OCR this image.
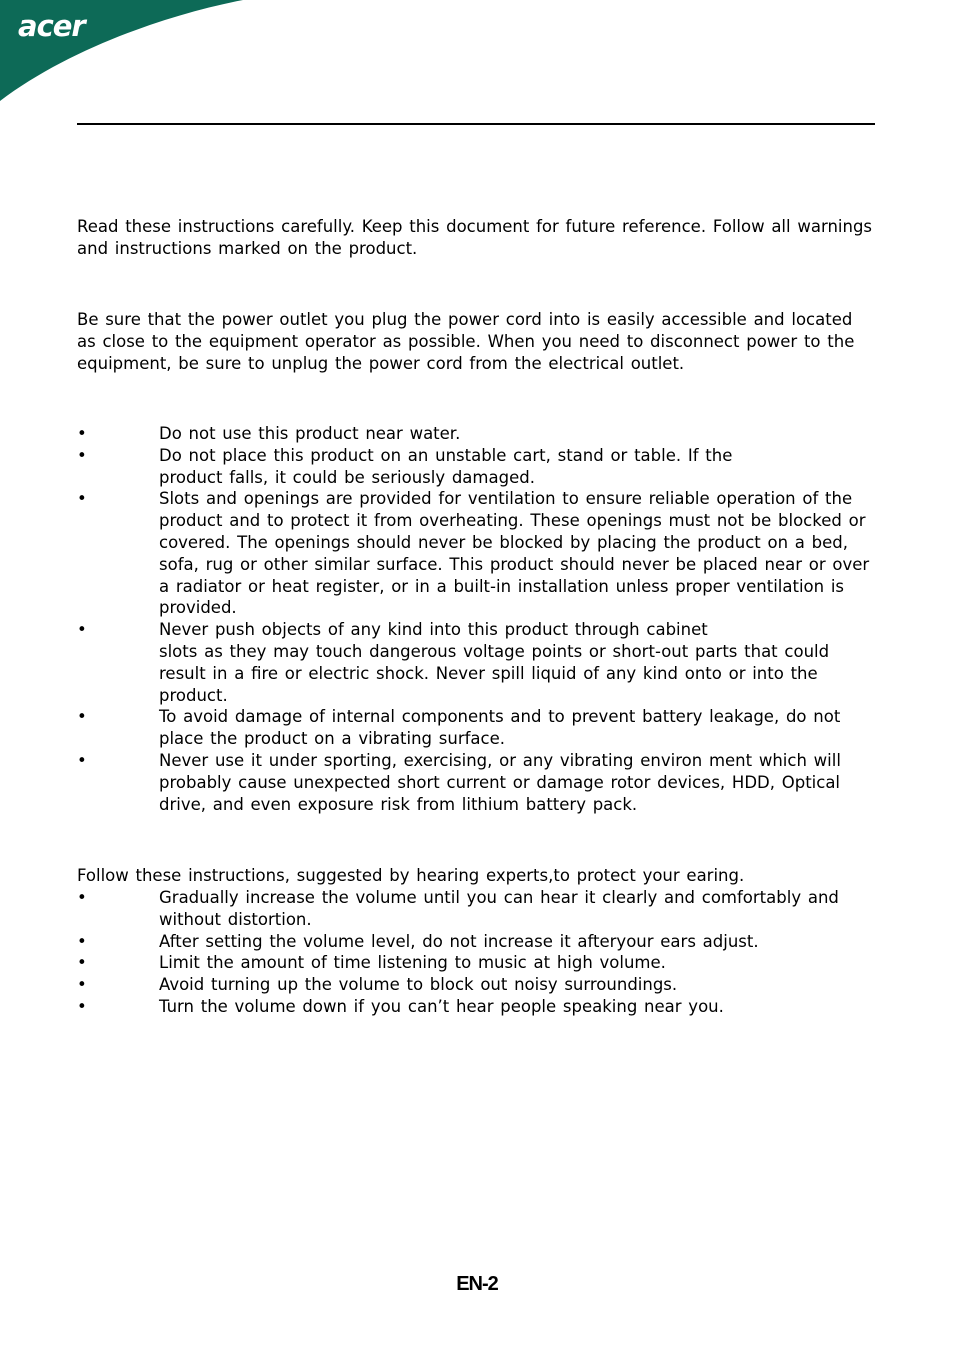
acer

Read these instructions carefully. Keep this document for future reference. Follow all warnings and instructions marked on the product.

Be sure that the power outlet you plug the power cord into is easily accessible and located as close to the equipment operator as possible. When you need to disconnect power to the equipment, be sure to unplug the power cord from the electrical outlet.

•	Do not use this product near water.
•	Do not place this product on an unstable cart, stand or table. If the
product falls, it could be seriously damaged.
•	Slots and openings are provided for ventilation to ensure reliable operation of the product and to protect it from overheating. These openings must not be blocked or covered. The openings should never be blocked by placing the product on a bed, sofa, rug or other similar surface. This product should never be placed near or over a radiator or heat register, or in a built-in installation unless proper ventilation is provided.
•	Never push objects of any kind into this product through cabinet
slots as they may touch dangerous voltage points or short-out parts that could result in a fire or electric shock. Never spill liquid of any kind onto or into the product.
•	To avoid damage of internal components and to prevent battery leakage, do not place the product on a vibrating surface.
•	Never use it under sporting, exercising, or any vibrating environ ment which will probably cause unexpected short current or damage rotor devices, HDD, Optical drive, and even exposure risk from lithium battery pack.

Follow these instructions, suggested by hearing experts,to protect your earing.

•	Gradually increase the volume until you can hear it clearly and comfortably and without distortion.
•	After setting the volume level, do not increase it afteryour ears adjust.
•	Limit the amount of time listening to music at high volume.
•	Avoid turning up the volume to block out noisy surroundings.
•	Turn the volume down if you can’t hear people speaking near you.
EN-2
